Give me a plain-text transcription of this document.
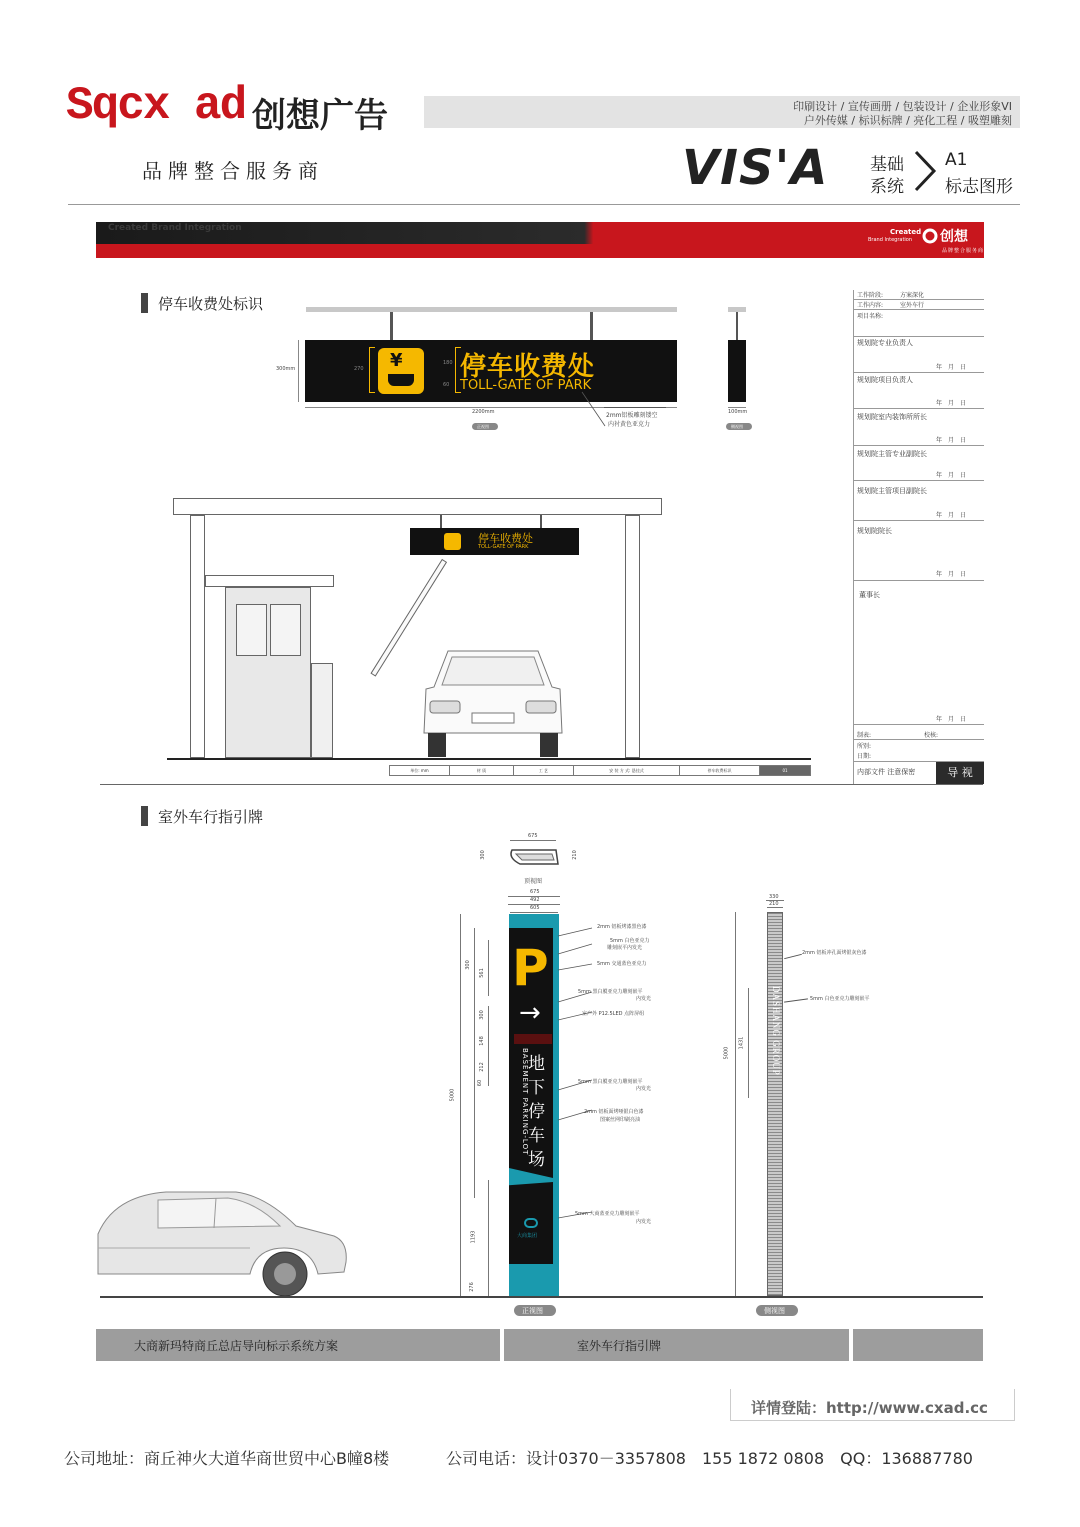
Sqcx ad 创想广告	印刷设计 / 宣传画册 / 包装设计 / 企业形象VI
户外传媒 / 标识标牌 / 亮化工程 / 吸塑雕刻
品牌整合服务商	VIS'A 基础
系统
A1
标志图形
Created Brand Integration	Created
Brand Integration 创想
品牌整合服务商
停车收费处标识
¥ 停车收费处
TOLL-GATE OF PARK
270
180
60
300mm
2200mm
正视图
2mm铝板雕刻镂空
内衬黄色亚克力
100mm
侧视图
停车收费处
TOLL-GATE OF PARK
单位: mm	材 质	工 艺	安 装 方 式: 悬挂式	停车收费标识	01
工作阶段:	方案深化
工作内容:	室外车行
项目名称:
规划院专业负责人
年　月　日
规划院项目负责人
年　月　日
规划院室内装饰所所长
年　月　日
规划院主管专业副院长
年　月　日
规划院主管项目副院长
年　月　日
规划院院长
年　月　日
董事长
年　月　日
制表:	校核:
所别:
日期:
内部文件 注意保密	导 视
室外车行指引牌
675
300	210
顶视图
675
492
605
P
→
地
下
停
车
场
BASEMENT PARKING-LOT
大商集团
5000
300
561
300
148
212
60
1193
276
2mm 铝板烤漆黑色漆
5mm 白色亚克力
雕刻嵌平内发光
5mm 交通蓝色亚克力
5mm 黑白膜亚克力雕刻嵌平
内发光
室户外 P12.5LED 点阵屏组
5mm 黑白膜亚克力雕刻嵌平
内发光
2mm 铝板面烤哑银白色漆
图案丝网印刷亮油
5mm 大商蓝亚克力雕刻嵌平
内发光
330
210
DASHANG GROUP
5000
1431
2mm 铝板冲孔面烤银灰色漆
5mm 白色亚克力雕刻嵌平
正视图	侧视图
大商新玛特商丘总店导向标示系统方案	室外车行指引牌
详情登陆：http://www.cxad.cc
公司地址：商丘神火大道华商世贸中心B幢8楼	公司电话：设计0370－3357808　155 1872 0808　QQ：136887780
